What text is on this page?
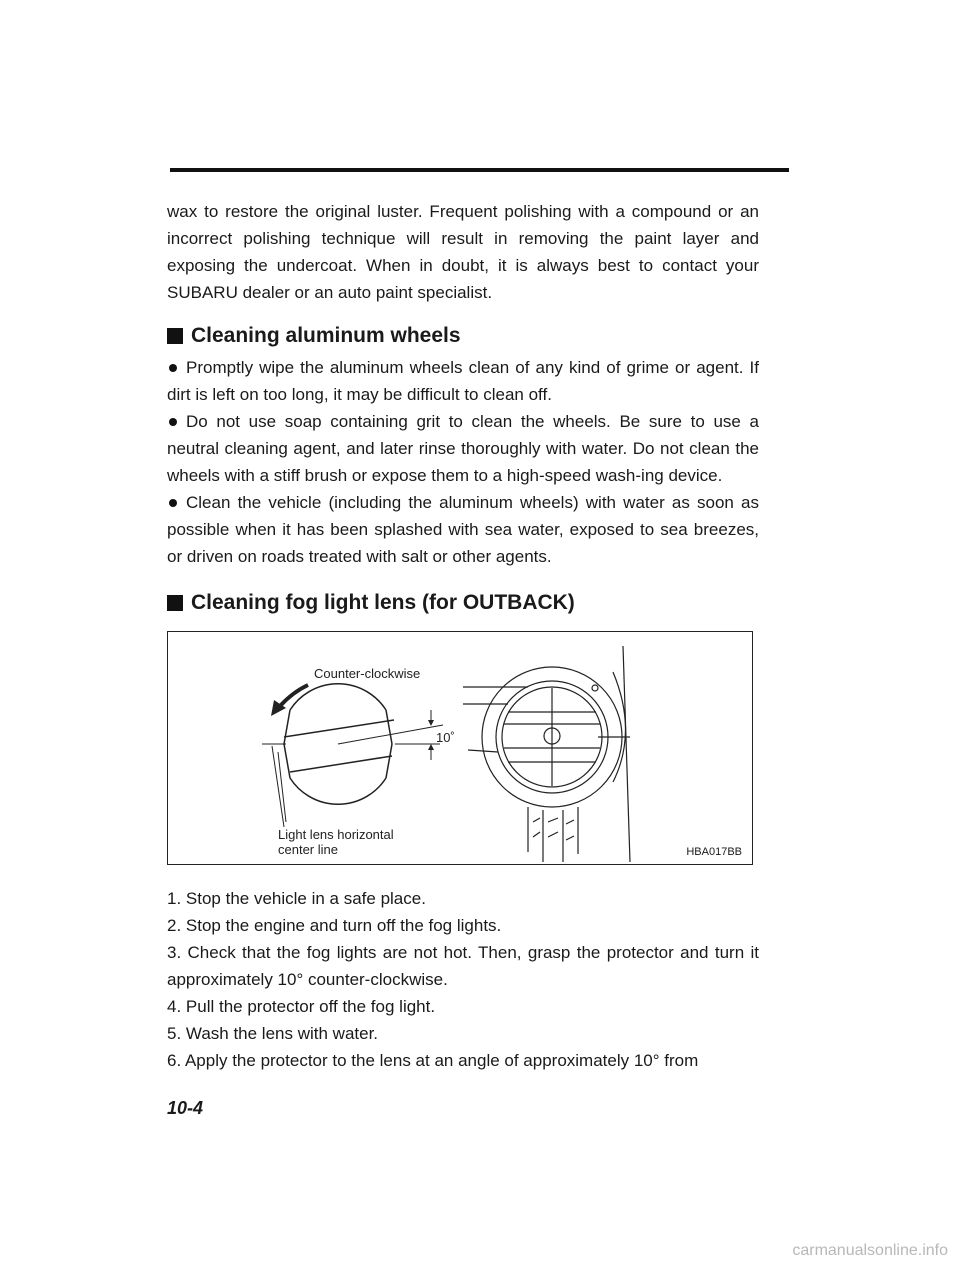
wax to restore the original luster. Frequent polishing with a compound or an incorrect polishing technique will result in removing the paint layer and exposing the undercoat. When in doubt, it is always best to contact your SUBARU dealer or an auto paint specialist.

Cleaning aluminum wheels

Promptly wipe the aluminum wheels clean of any kind of grime or agent. If dirt is left on too long, it may be difficult to clean off.

Do not use soap containing grit to clean the wheels. Be sure to use a neutral cleaning agent, and later rinse thoroughly with water. Do not clean the wheels with a stiff brush or expose them to a high-speed wash-ing device.

Clean the vehicle (including the aluminum wheels) with water as soon as possible when it has been splashed with sea water, exposed to sea breezes, or driven on roads treated with salt or other agents.

Cleaning fog light lens (for OUTBACK)
Counter-clockwise
10˚
Light lens horizontal
center line	HBA017BB

1. Stop the vehicle in a safe place.

2. Stop the engine and turn off the fog lights.

3. Check that the fog lights are not hot. Then, grasp the protector and turn it approximately 10° counter-clockwise.

4. Pull the protector off the fog light.

5. Wash the lens with water.

6. Apply the protector to the lens at an angle of approximately 10° from

10-4
carmanualsonline.info
